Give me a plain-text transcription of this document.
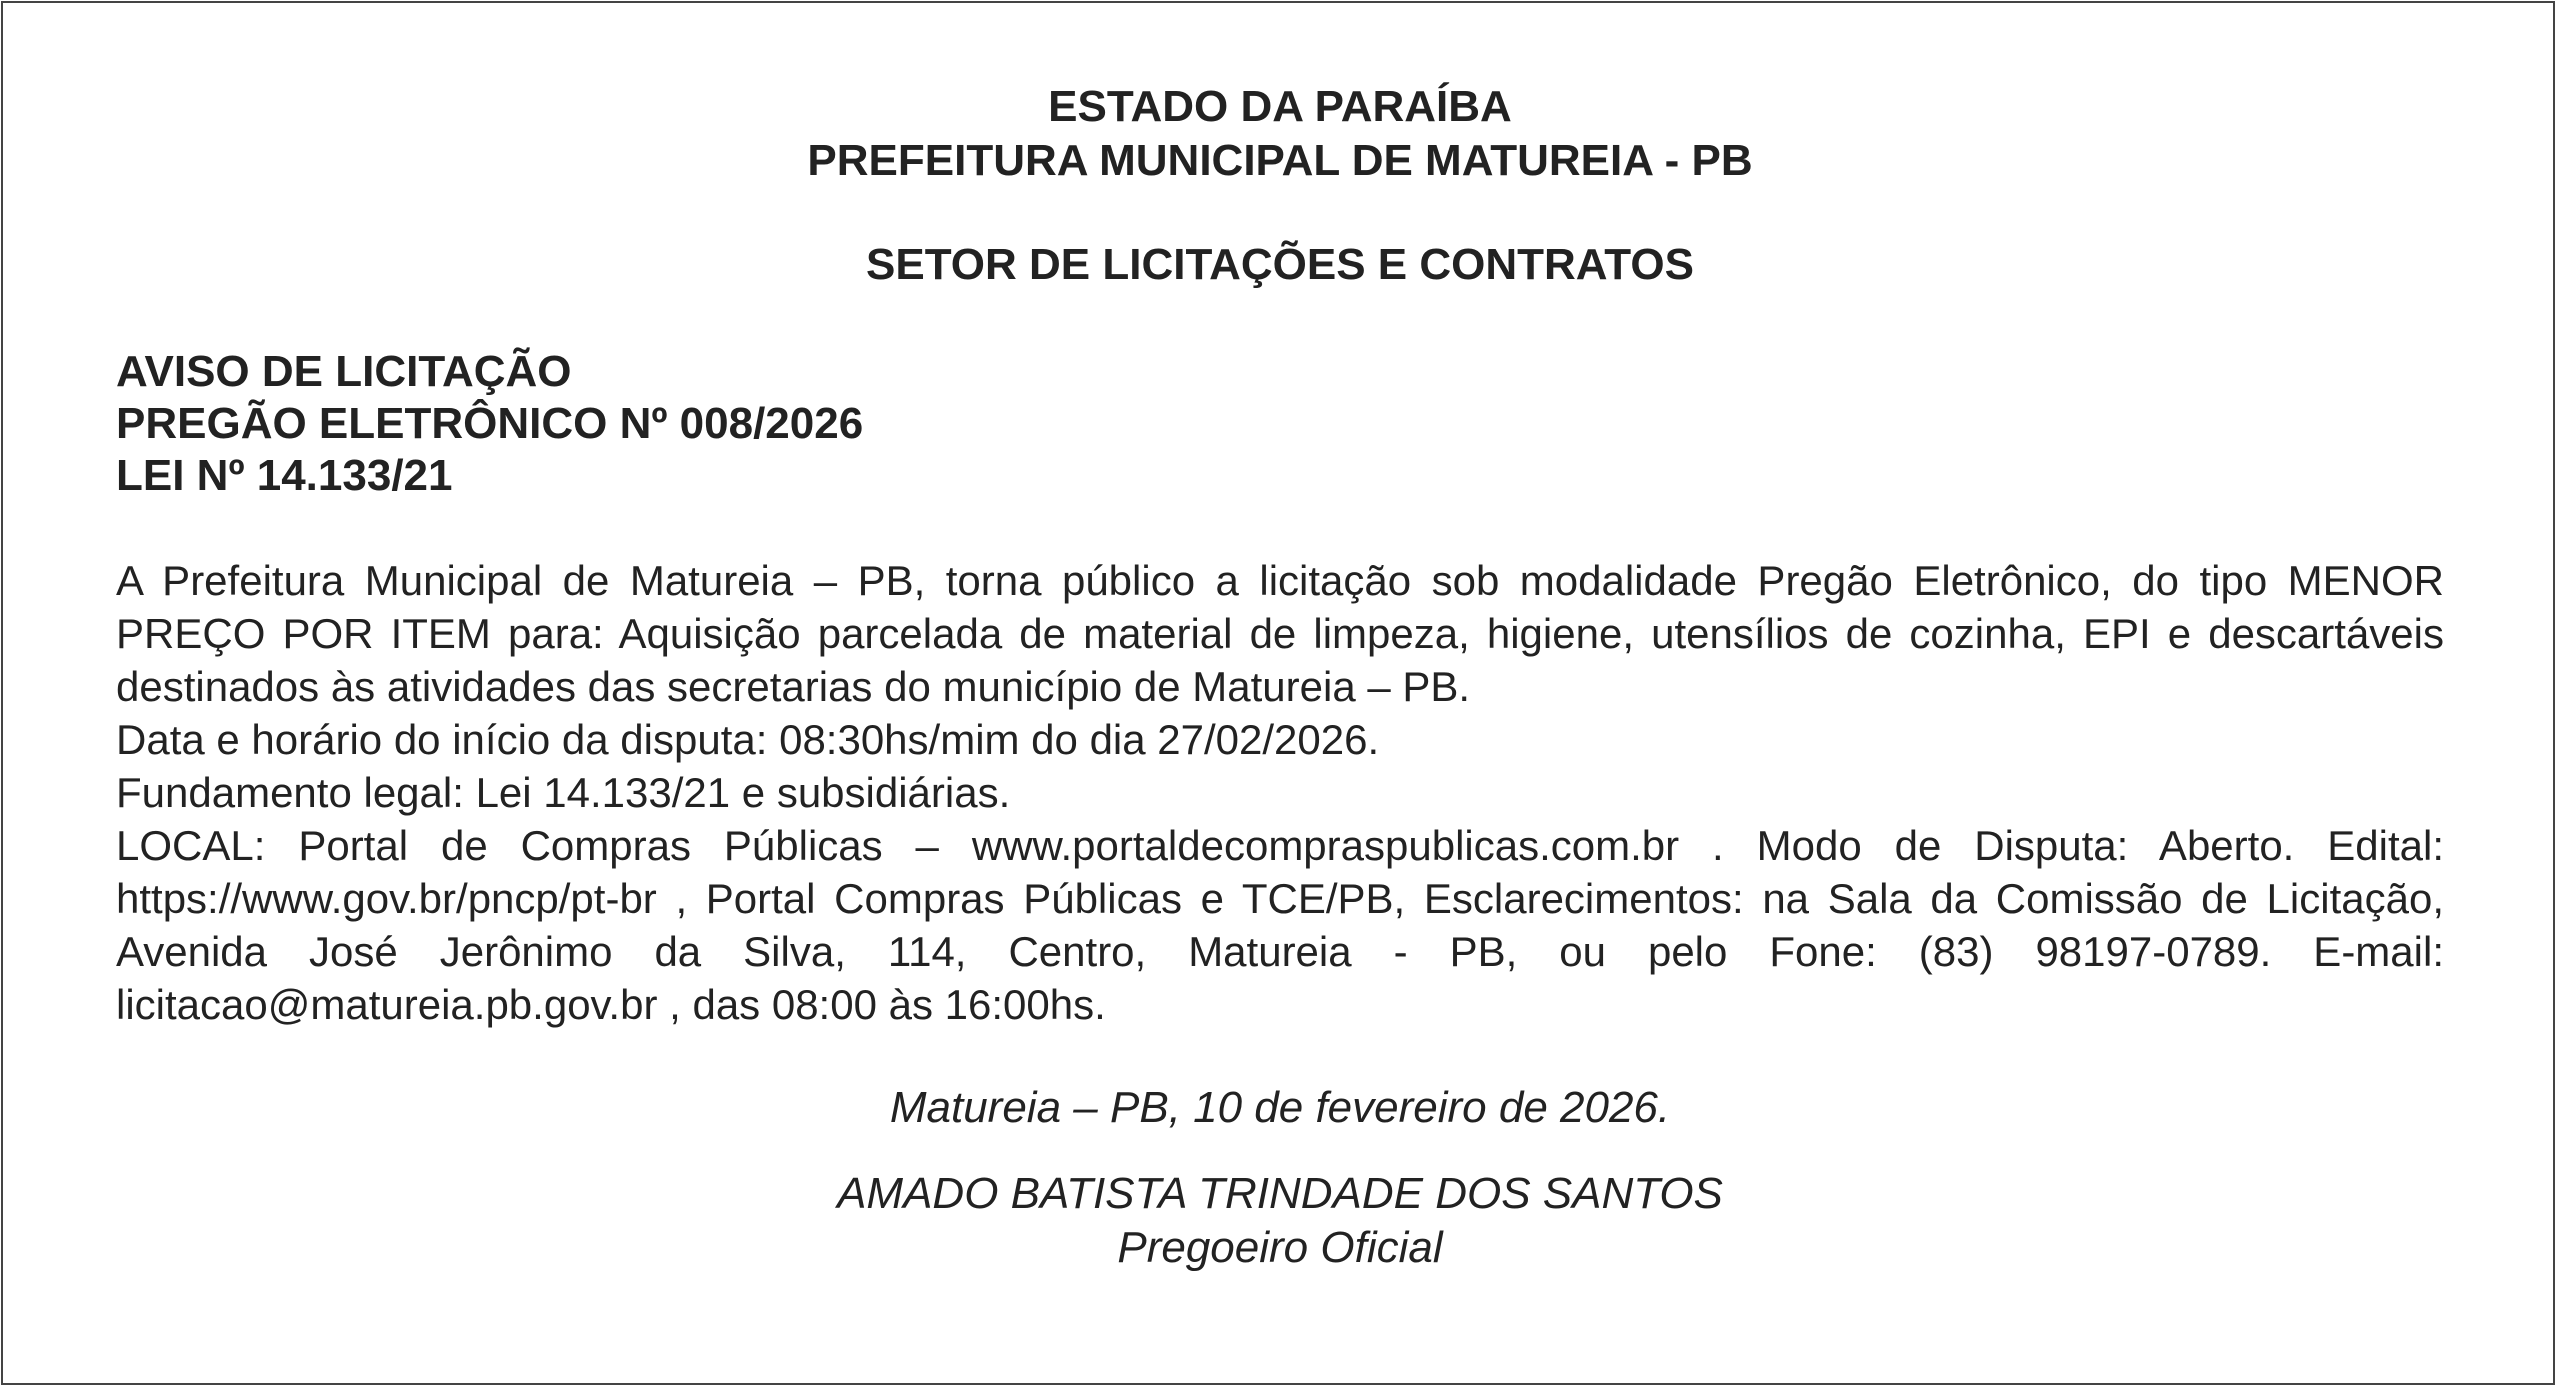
ESTADO DA PARAÍBA

PREFEITURA MUNICIPAL DE MATUREIA - PB

SETOR DE LICITAÇÕES E CONTRATOS

AVISO DE LICITAÇÃO

PREGÃO ELETRÔNICO Nº 008/2026

LEI Nº 14.133/21

A Prefeitura Municipal de Matureia – PB, torna público a licitação sob modalidade Pregão Eletrônico, do tipo MENOR PREÇO POR ITEM para: Aquisição parcelada de material de limpeza, higiene, utensílios de cozinha, EPI e descartáveis destinados às atividades das secretarias do município de Matureia – PB.

Data e horário do início da disputa: 08:30hs/mim do dia 27/02/2026.

Fundamento legal: Lei 14.133/21 e subsidiárias.

LOCAL: Portal de Compras Públicas – www.portaldecompraspublicas.com.br . Modo de Disputa: Aberto. Edital: https://www.gov.br/pncp/pt-br , Portal Compras Públicas e TCE/PB, Esclarecimentos: na Sala da Comissão de Licitação, Avenida José Jerônimo da Silva, 114, Centro, Matureia - PB, ou pelo Fone: (83) 98197-0789. E-mail: licitacao@matureia.pb.gov.br , das 08:00 às 16:00hs.

Matureia – PB, 10 de fevereiro de 2026.

AMADO BATISTA TRINDADE DOS SANTOS

Pregoeiro Oficial
